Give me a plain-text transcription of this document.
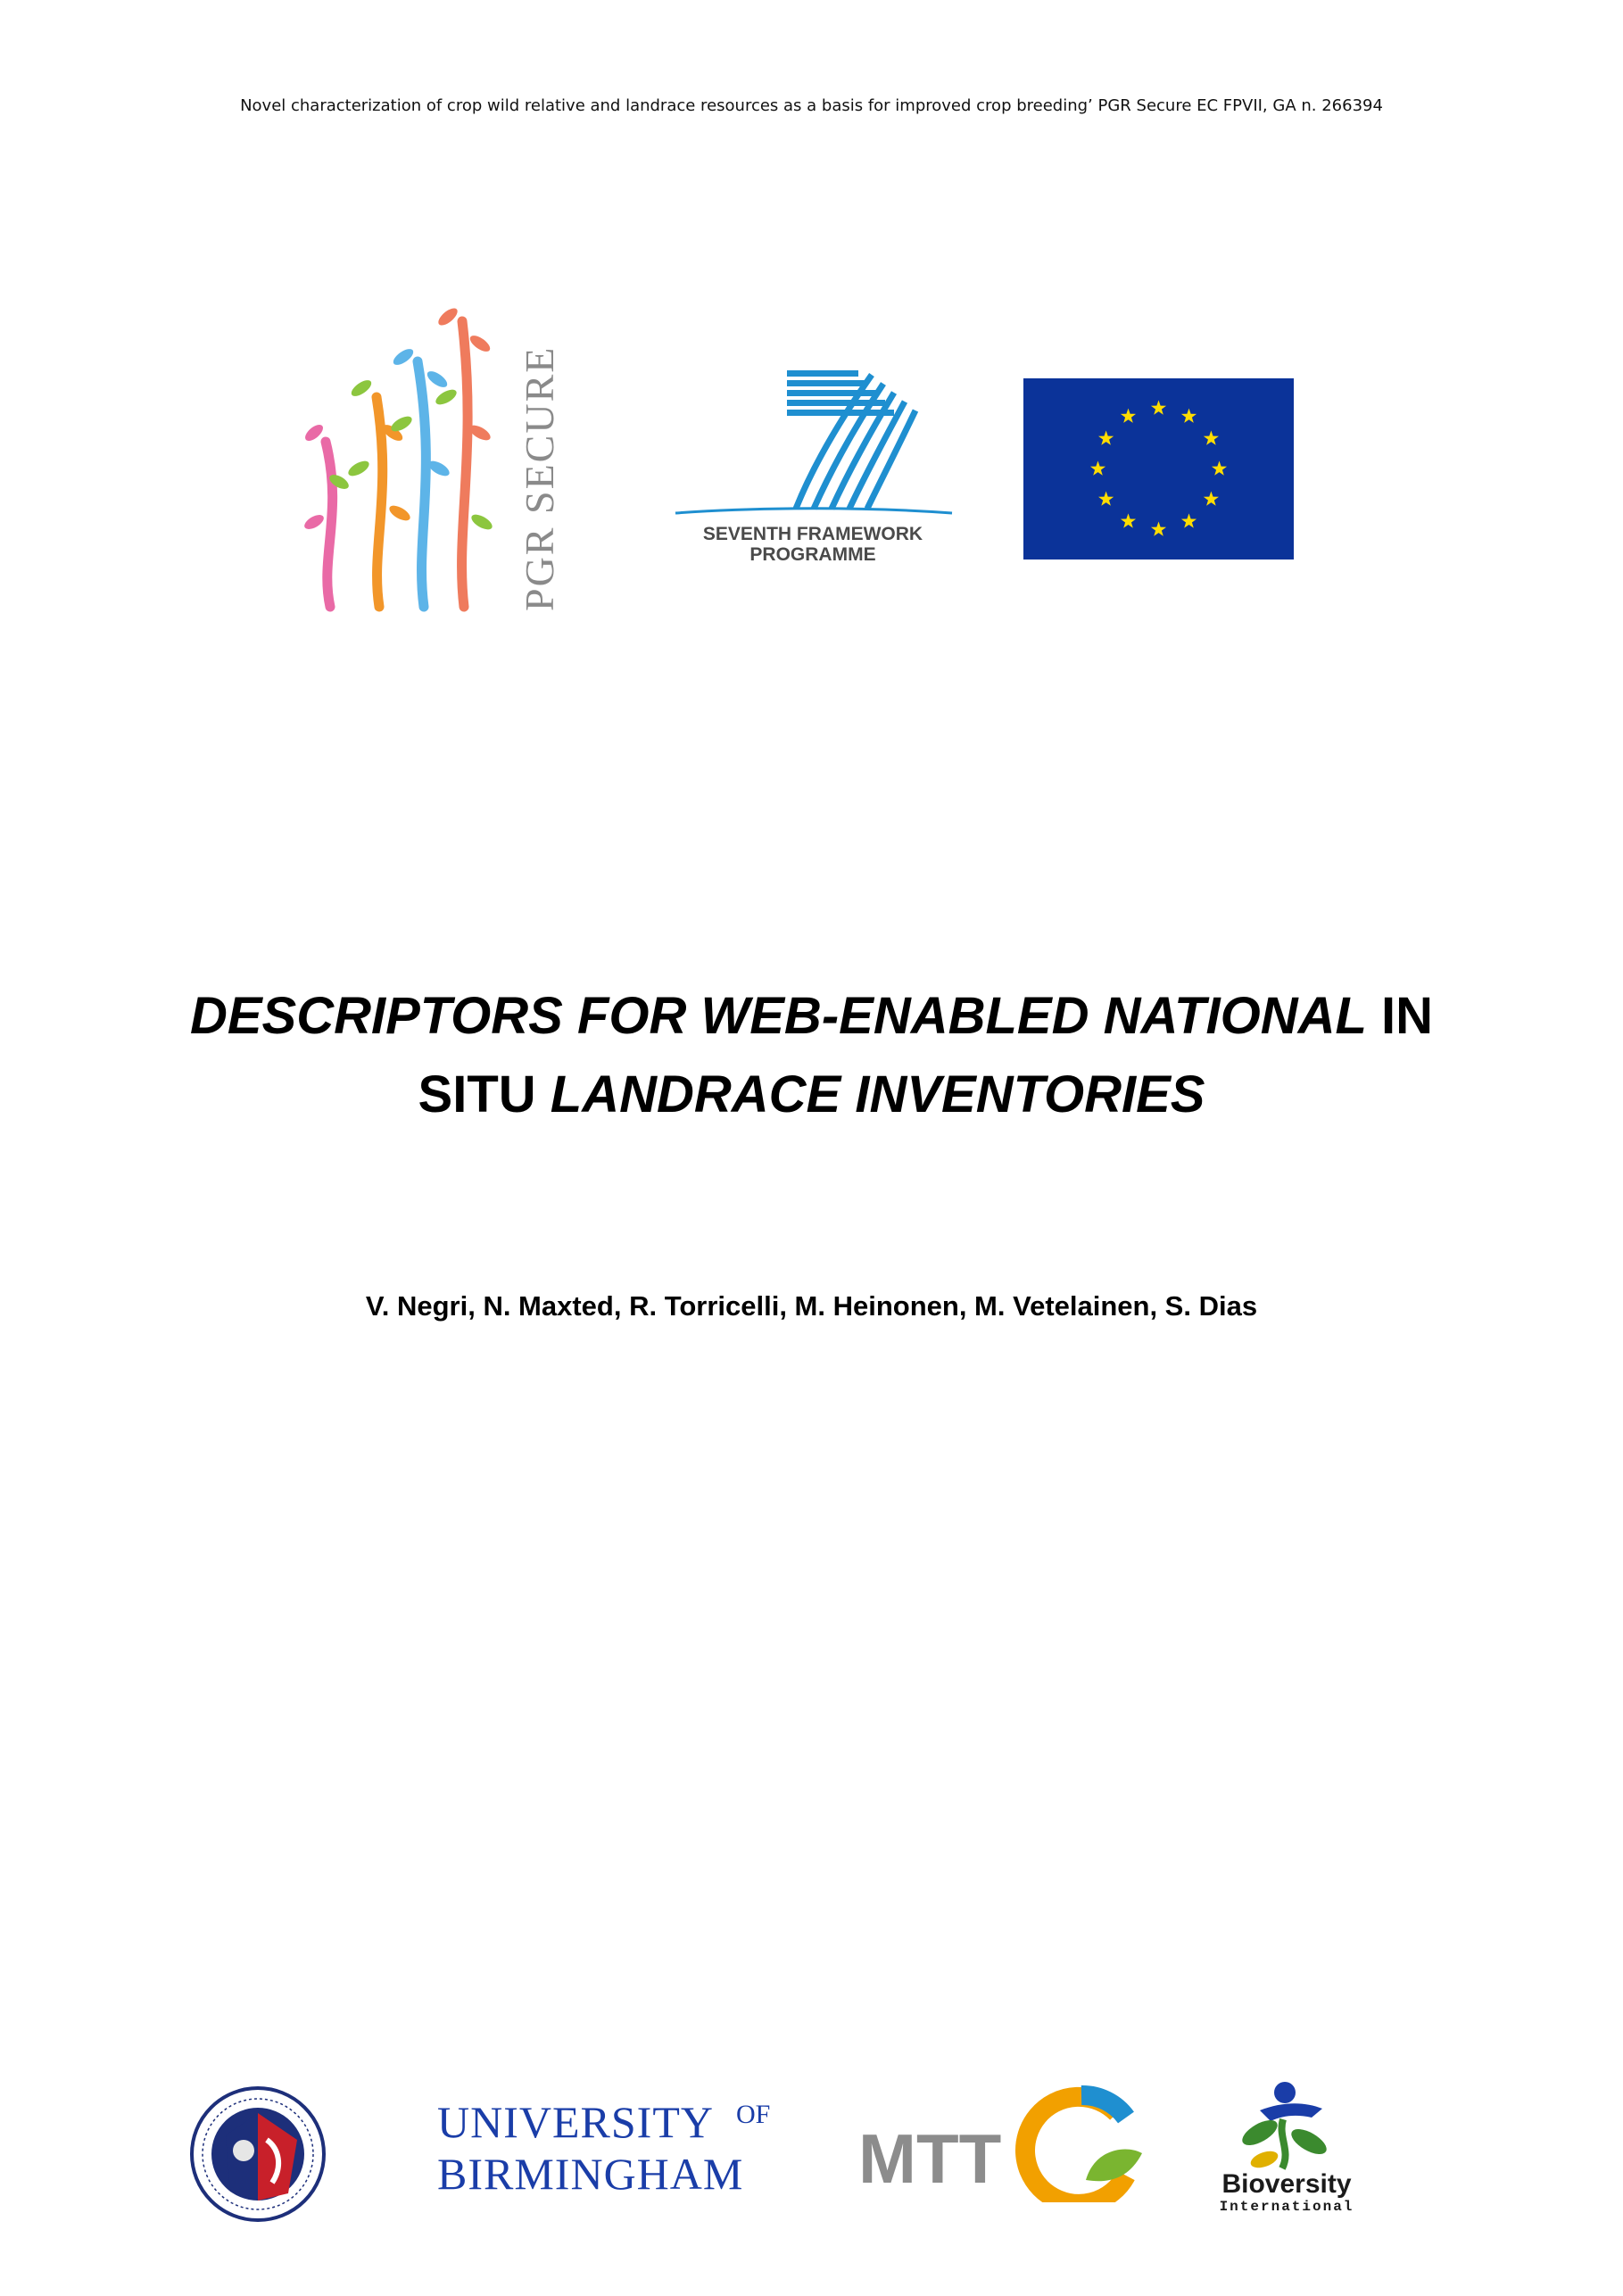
Novel characterization of crop wild relative and landrace resources as a basis for improved crop breeding’ PGR Secure EC FPVII, GA n. 266394
PGR SECURE	SEVENTH FRAMEWORK
PROGRAMME
DESCRIPTORS FOR WEB-ENABLED NATIONAL IN
SITU LANDRACE INVENTORIES
V. Negri, N. Maxted, R. Torricelli, M. Heinonen, M. Vetelainen, S. Dias
UNIVERSITY OF
BIRMINGHAM MTT	Bioversity
International
